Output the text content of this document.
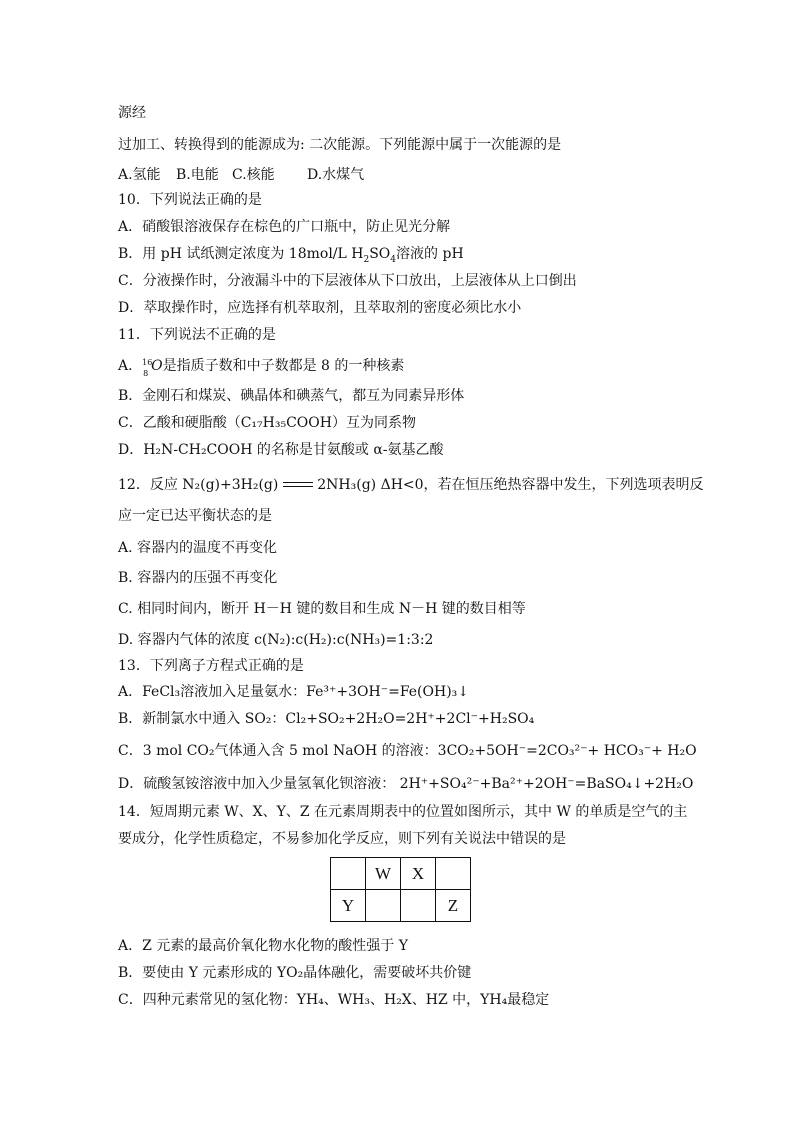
源经
过加工、转换得到的能源成为: 二次能源。下列能源中属于一次能源的是
A.氢能 B.电能 C.核能 D.水煤气
10．下列说法正确的是
A．硝酸银溶液保存在棕色的广口瓶中，防止见光分解
B．用 pH 试纸测定浓度为 18mol/L $H_2SO_4$溶液的 pH
C．分液操作时，分液漏斗中的下层液体从下口放出，上层液体从上口倒出
D．萃取操作时，应选择有机萃取剂，且萃取剂的密度必须比水小
11．下列说法不正确的是
A． 16
8 O是指质子数和中子数都是 8 的一种核素
B．金刚石和煤炭、碘晶体和碘蒸气，都互为同素异形体
C．乙酸和硬脂酸（C₁₇H₃₅COOH）互为同系物
D．H₂N-CH₂COOH 的名称是甘氨酸或 α-氨基乙酸
12．反应 N₂(g)+3H₂(g)	2NH₃(g) ΔH<0，若在恒压绝热容器中发生，下列选项表明反
应一定已达平衡状态的是
A. 容器内的温度不再变化
B. 容器内的压强不再变化
C. 相同时间内，断开 H－H 键的数目和生成 N－H 键的数目相等
D. 容器内气体的浓度 c(N₂):c(H₂):c(NH₃)=1:3:2
13．下列离子方程式正确的是
A．FeCl₃溶液加入足量氨水：Fe³⁺+3OH⁻=Fe(OH)₃↓
B．新制氯水中通入 SO₂：Cl₂+SO₂+2H₂O=2H⁺+2Cl⁻+H₂SO₄
C．3 mol CO₂气体通入含 5 mol NaOH 的溶液：3CO₂+5OH⁻=2CO₃²⁻+ HCO₃⁻+ H₂O
D．硫酸氢铵溶液中加入少量氢氧化钡溶液： 2H⁺+SO₄²⁻+Ba²⁺+2OH⁻=BaSO₄↓+2H₂O
14．短周期元素 W、X、Y、Z 在元素周期表中的位置如图所示，其中 W 的单质是空气的主
要成分，化学性质稳定，不易参加化学反应，则下列有关说法中错误的是
	W	X	
Y			Z
A．Z 元素的最高价氧化物水化物的酸性强于 Y
B．要使由 Y 元素形成的 YO₂晶体融化，需要破坏共价键
C．四种元素常见的氢化物：YH₄、WH₃、H₂X、HZ 中，YH₄最稳定
